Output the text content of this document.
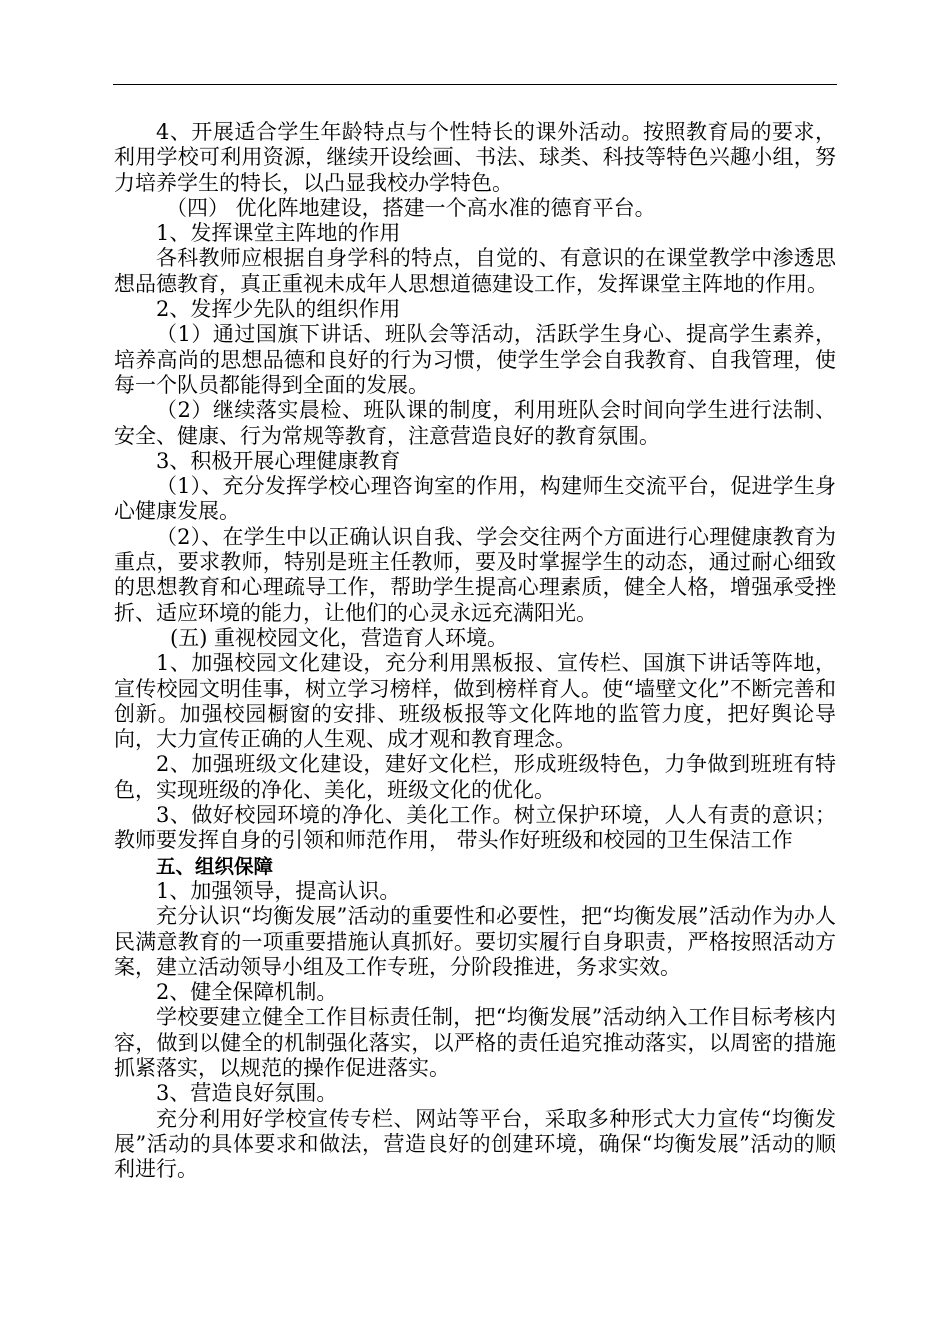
4、开展适合学生年龄特点与个性特长的课外活动。按照教育局的要求，利用学校可利用资源，继续开设绘画、书法、球类、科技等特色兴趣小组，努力培养学生的特长，以凸显我校办学特色。

（四） 优化阵地建设，搭建一个高水准的德育平台。

1、发挥课堂主阵地的作用

各科教师应根据自身学科的特点，自觉的、有意识的在课堂教学中渗透思想品德教育，真正重视未成年人思想道德建设工作，发挥课堂主阵地的作用。

2、发挥少先队的组织作用

（1）通过国旗下讲话、班队会等活动，活跃学生身心、提高学生素养，培养高尚的思想品德和良好的行为习惯，使学生学会自我教育、自我管理，使每一个队员都能得到全面的发展。

（2）继续落实晨检、班队课的制度，利用班队会时间向学生进行法制、安全、健康、行为常规等教育，注意营造良好的教育氛围。

3、积极开展心理健康教育

（1）、充分发挥学校心理咨询室的作用，构建师生交流平台，促进学生身心健康发展。

（2）、在学生中以正确认识自我、学会交往两个方面进行心理健康教育为重点，要求教师，特别是班主任教师，要及时掌握学生的动态，通过耐心细致的思想教育和心理疏导工作，帮助学生提高心理素质，健全人格，增强承受挫折、适应环境的能力，让他们的心灵永远充满阳光。

(五) 重视校园文化，营造育人环境。

1、加强校园文化建设，充分利用黑板报、宣传栏、国旗下讲话等阵地，宣传校园文明佳事，树立学习榜样，做到榜样育人。使“墙壁文化”不断完善和创新。加强校园橱窗的安排、班级板报等文化阵地的监管力度，把好舆论导向，大力宣传正确的人生观、成才观和教育理念。

2、加强班级文化建设，建好文化栏，形成班级特色，力争做到班班有特色，实现班级的净化、美化，班级文化的优化。

3、做好校园环境的净化、美化工作。树立保护环境，人人有责的意识；教师要发挥自身的引领和师范作用， 带头作好班级和校园的卫生保洁工作

五、组织保障

1、加强领导，提高认识。

充分认识“均衡发展”活动的重要性和必要性，把“均衡发展”活动作为办人民满意教育的一项重要措施认真抓好。要切实履行自身职责，严格按照活动方案，建立活动领导小组及工作专班，分阶段推进，务求实效。

2、健全保障机制。

学校要建立健全工作目标责任制，把“均衡发展”活动纳入工作目标考核内容，做到以健全的机制强化落实，以严格的责任追究推动落实，以周密的措施抓紧落实，以规范的操作促进落实。

3、营造良好氛围。

充分利用好学校宣传专栏、网站等平台，采取多种形式大力宣传“均衡发展”活动的具体要求和做法，营造良好的创建环境，确保“均衡发展”活动的顺利进行。
